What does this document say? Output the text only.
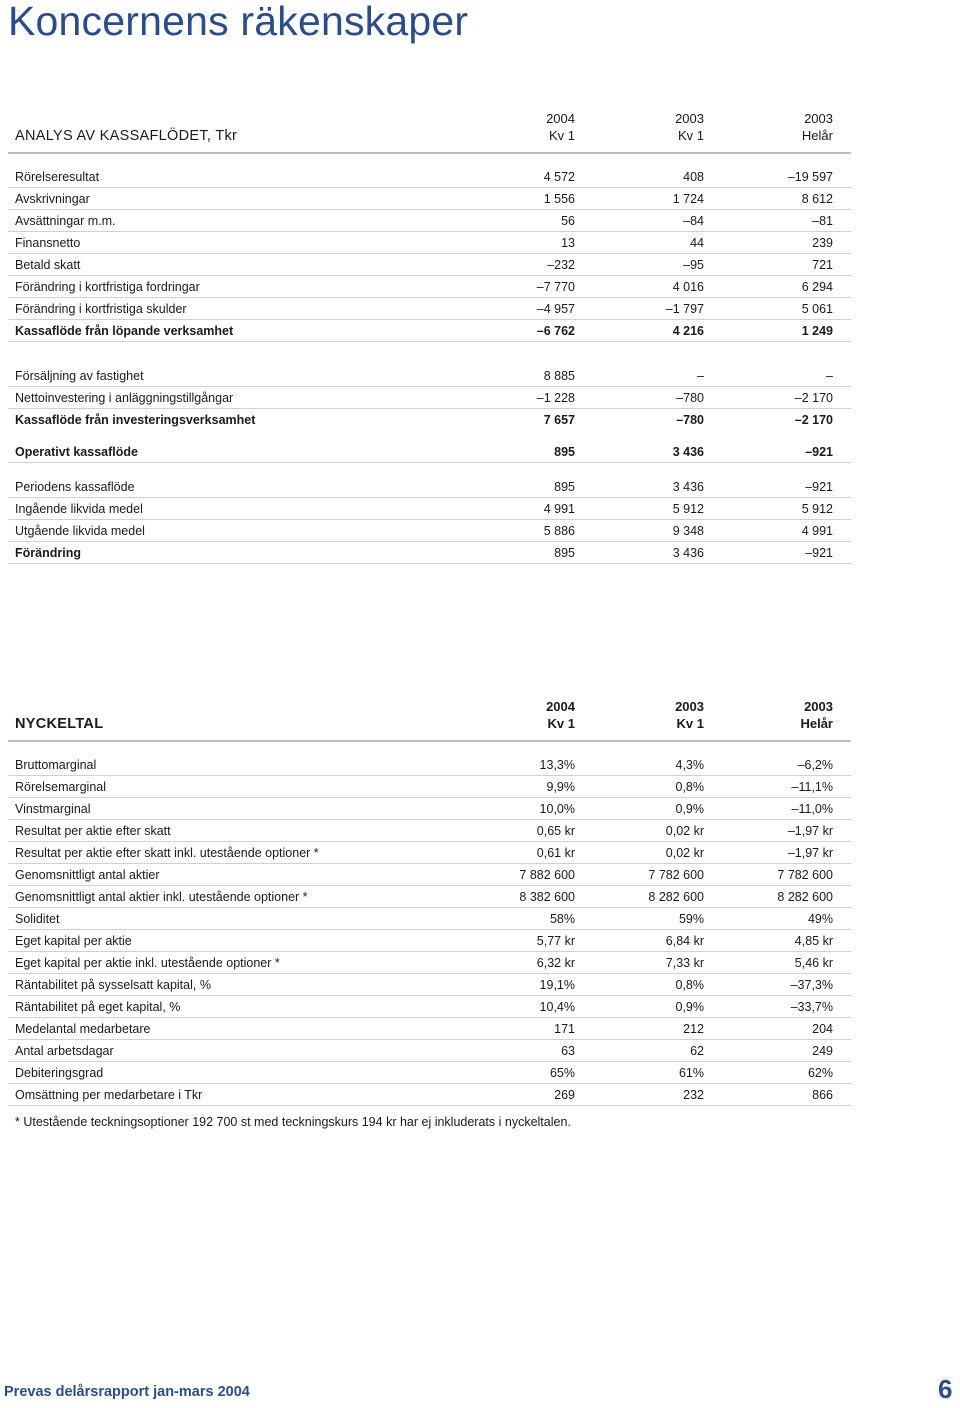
Koncernens räkenskaper
ANALYS AV KASSAFLÖDET, Tkr
2004
Kv 1
2003
Kv 1
2003
Helår
Rörelseresultat	4 572	408	–19 597
Avskrivningar	1 556	1 724	8 612
Avsättningar m.m.	56	–84	–81
Finansnetto	13	44	239
Betald skatt	–232	–95	721
Förändring i kortfristiga fordringar	–7 770	4 016	6 294
Förändring i kortfristiga skulder	–4 957	–1 797	5 061
Kassaflöde från löpande verksamhet	–6 762	4 216	1 249
Försäljning av fastighet	8 885	–	–
Nettoinvestering i anläggningstillgångar	–1 228	–780	–2 170
Kassaflöde från investeringsverksamhet	7 657	–780	–2 170
Operativt kassaflöde	895	3 436	–921
Periodens kassaflöde	895	3 436	–921
Ingående likvida medel	4 991	5 912	5 912
Utgående likvida medel	5 886	9 348	4 991
Förändring	895	3 436	–921
NYCKELTAL
2004
Kv 1
2003
Kv 1
2003
Helår
Bruttomarginal	13,3%	4,3%	–6,2%
Rörelsemarginal	9,9%	0,8%	–11,1%
Vinstmarginal	10,0%	0,9%	–11,0%
Resultat per aktie efter skatt	0,65 kr	0,02 kr	–1,97 kr
Resultat per aktie efter skatt inkl. utestående optioner *	0,61 kr	0,02 kr	–1,97 kr
Genomsnittligt antal aktier	7 882 600	7 782 600	7 782 600
Genomsnittligt antal aktier inkl. utestående optioner *	8 382 600	8 282 600	8 282 600
Soliditet	58%	59%	49%
Eget kapital per aktie	5,77 kr	6,84 kr	4,85 kr
Eget kapital per aktie inkl. utestående optioner *	6,32 kr	7,33 kr	5,46 kr
Räntabilitet på sysselsatt kapital, %	19,1%	0,8%	–37,3%
Räntabilitet på eget kapital, %	10,4%	0,9%	–33,7%
Medelantal medarbetare	171	212	204
Antal arbetsdagar	63	62	249
Debiteringsgrad	65%	61%	62%
Omsättning per medarbetare i Tkr	269	232	866
* Utestående teckningsoptioner 192 700 st med teckningskurs 194 kr har ej inkluderats i nyckeltalen.
Prevas delårsrapport jan-mars 2004	6
